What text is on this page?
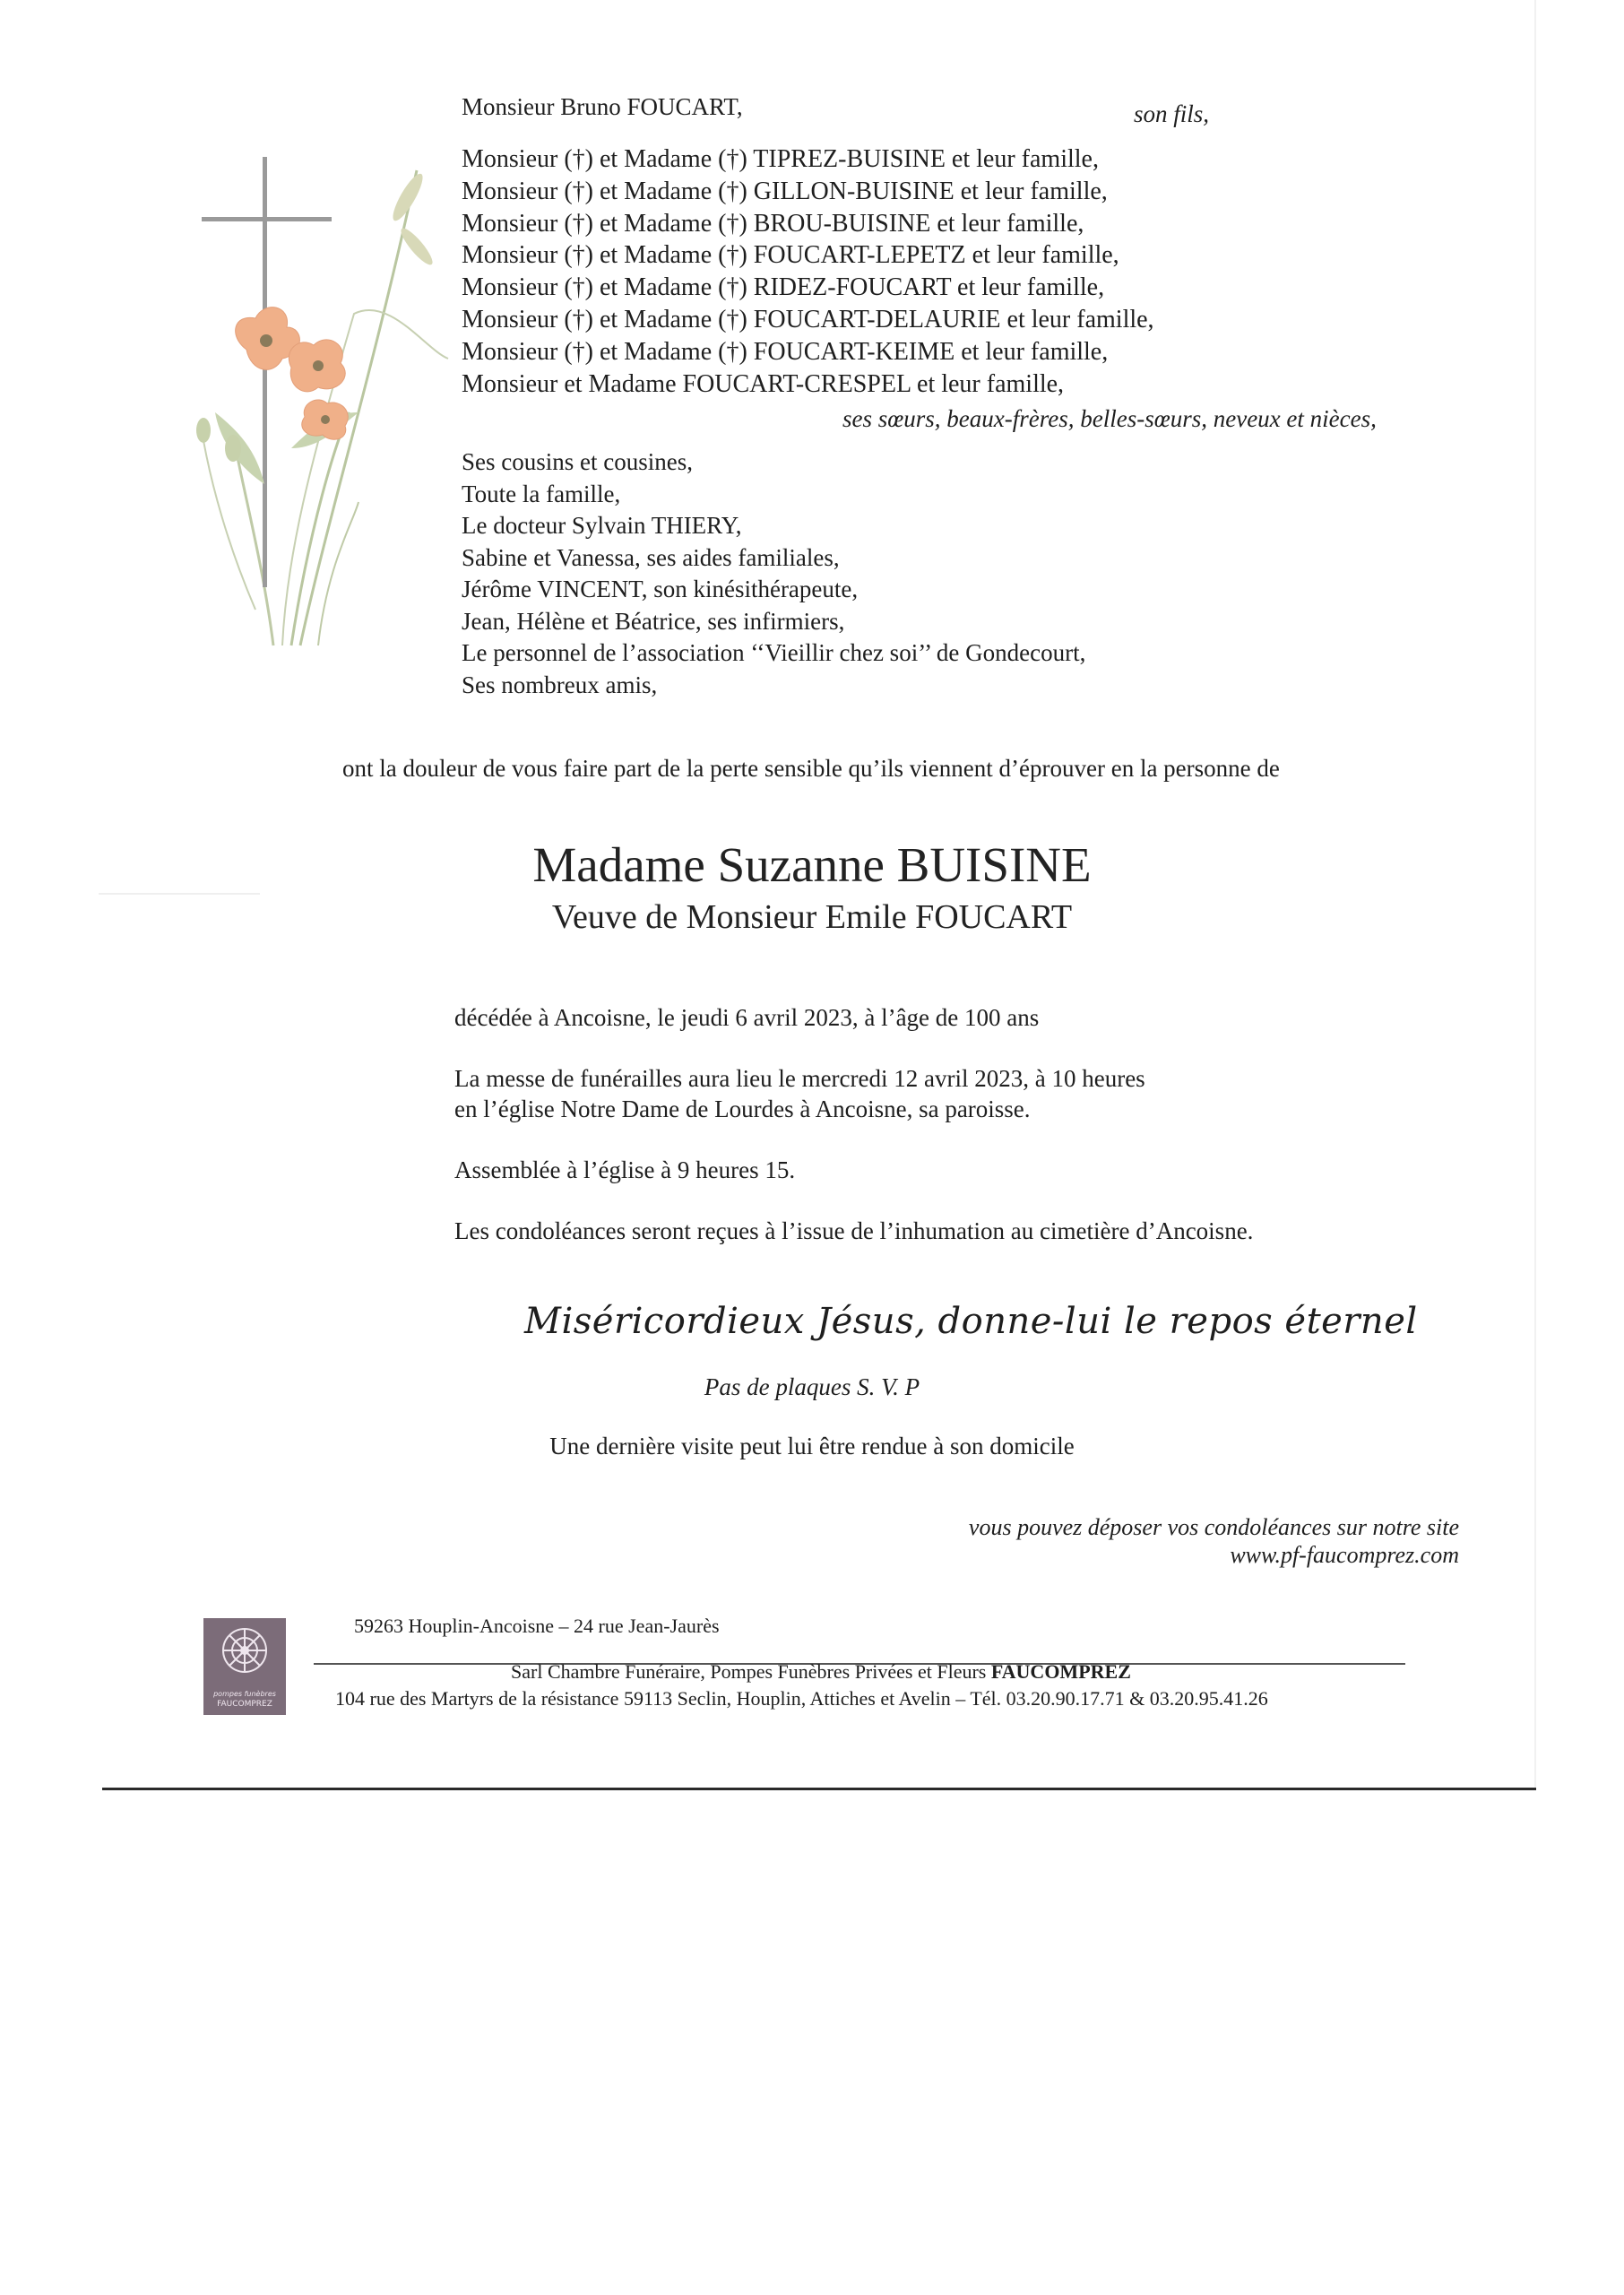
Monsieur Bruno FOUCART,	son fils,
Monsieur (†) et Madame (†) TIPREZ-BUISINE et leur famille,
Monsieur (†) et Madame (†) GILLON-BUISINE et leur famille,
Monsieur (†) et Madame (†) BROU-BUISINE et leur famille,
Monsieur (†) et Madame (†) FOUCART-LEPETZ et leur famille,
Monsieur (†) et Madame (†) RIDEZ-FOUCART et leur famille,
Monsieur (†) et Madame (†) FOUCART-DELAURIE et leur famille,
Monsieur (†) et Madame (†) FOUCART-KEIME et leur famille,
Monsieur et Madame FOUCART-CRESPEL et leur famille,
ses sœurs, beaux-frères, belles-sœurs, neveux et nièces,
Ses cousins et cousines,
Toute la famille,
Le docteur Sylvain THIERY,
Sabine et Vanessa, ses aides familiales,
Jérôme VINCENT, son kinésithérapeute,
Jean, Hélène et Béatrice, ses infirmiers,
Le personnel de l’association ‘‘Vieillir chez soi’’ de Gondecourt,
Ses nombreux amis,
ont la douleur de vous faire part de la perte sensible qu’ils viennent d’éprouver en la personne de
Madame Suzanne BUISINE
Veuve de Monsieur Emile FOUCART
décédée à Ancoisne, le jeudi 6 avril 2023, à l’âge de 100 ans
La messe de funérailles aura lieu le mercredi 12 avril 2023, à 10 heures
en l’église Notre Dame de Lourdes à Ancoisne, sa paroisse.
Assemblée à l’église à 9 heures 15.
Les condoléances seront reçues à l’issue de l’inhumation au cimetière d’Ancoisne.
Miséricordieux Jésus, donne-lui le repos éternel
Pas de plaques S. V. P
Une dernière visite peut lui être rendue à son domicile
vous pouvez déposer vos condoléances sur notre site
www.pf-faucomprez.com
pompes funèbres
FAUCOMPREZ
59263 Houplin-Ancoisne – 24 rue Jean-Jaurès
Sarl Chambre Funéraire, Pompes Funèbres Privées et Fleurs FAUCOMPREZ
104 rue des Martyrs de la résistance 59113 Seclin, Houplin, Attiches et Avelin – Tél. 03.20.90.17.71 & 03.20.95.41.26
